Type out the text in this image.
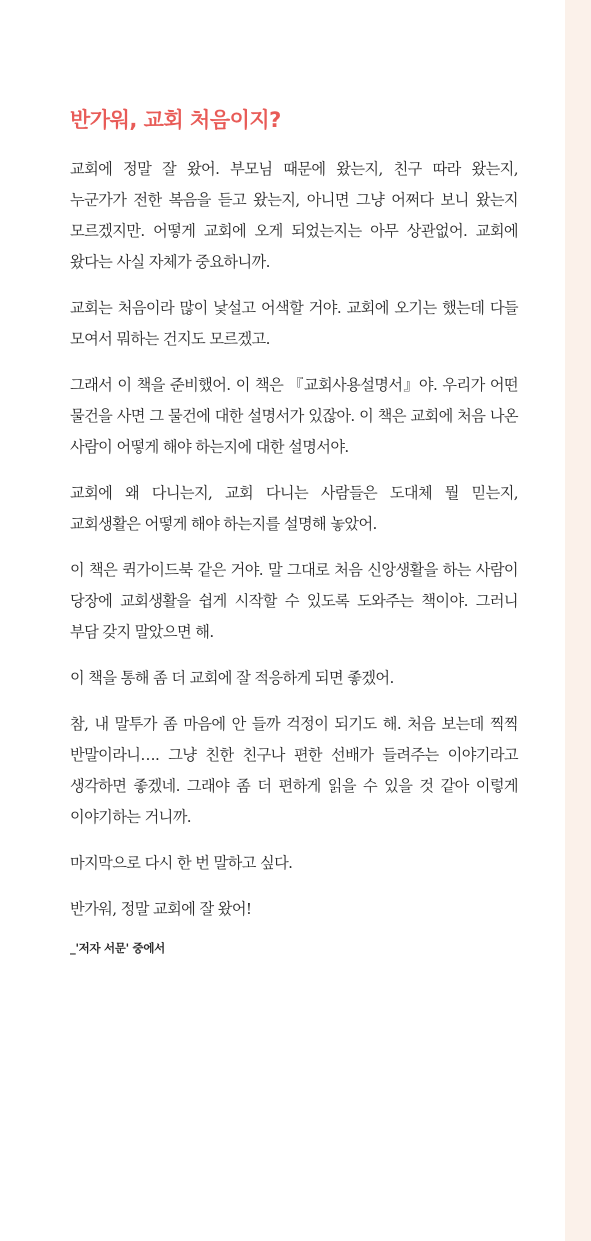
반가워, 교회 처음이지?

교회에 정말 잘 왔어. 부모님 때문에 왔는지, 친구 따라 왔는지, 누군가가 전한 복음을 듣고 왔는지, 아니면 그냥 어쩌다 보니 왔는지 모르겠지만. 어떻게 교회에 오게 되었는지는 아무 상관없어. 교회에 왔다는 사실 자체가 중요하니까.

교회는 처음이라 많이 낯설고 어색할 거야. 교회에 오기는 했는데 다들 모여서 뭐하는 건지도 모르겠고.

그래서 이 책을 준비했어. 이 책은 『교회사용설명서』야. 우리가 어떤 물건을 사면 그 물건에 대한 설명서가 있잖아. 이 책은 교회에 처음 나온 사람이 어떻게 해야 하는지에 대한 설명서야.

교회에 왜 다니는지, 교회 다니는 사람들은 도대체 뭘 믿는지, 교회생활은 어떻게 해야 하는지를 설명해 놓았어.

이 책은 퀵가이드북 같은 거야. 말 그대로 처음 신앙생활을 하는 사람이 당장에 교회생활을 쉽게 시작할 수 있도록 도와주는 책이야. 그러니 부담 갖지 말았으면 해.

이 책을 통해 좀 더 교회에 잘 적응하게 되면 좋겠어.

참, 내 말투가 좀 마음에 안 들까 걱정이 되기도 해. 처음 보는데 찍찍 반말이라니…. 그냥 친한 친구나 편한 선배가 들려주는 이야기라고 생각하면 좋겠네. 그래야 좀 더 편하게 읽을 수 있을 것 같아 이렇게 이야기하는 거니까.

마지막으로 다시 한 번 말하고 싶다.

반가워, 정말 교회에 잘 왔어!

_'저자 서문' 중에서
